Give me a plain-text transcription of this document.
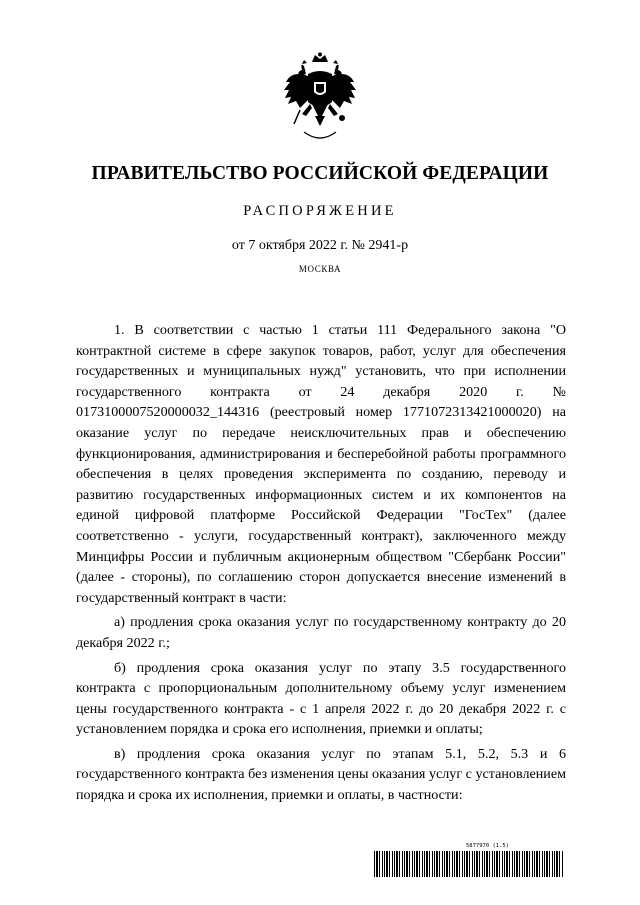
ПРАВИТЕЛЬСТВО РОССИЙСКОЙ ФЕДЕРАЦИИ
РАСПОРЯЖЕНИЕ
от 7 октября 2022 г. № 2941-р
МОСКВА

1. В соответствии с частью 1 статьи 111 Федерального закона "О контрактной системе в сфере закупок товаров, работ, услуг для обеспечения государственных и муниципальных нужд" установить, что при исполнении государственного контракта от 24 декабря 2020 г. № 0173100007520000032_144316 (реестровый номер 1771072313421000020) на оказание услуг по передаче неисключительных прав и обеспечению функционирования, администрирования и бесперебойной работы программного обеспечения в целях проведения эксперимента по созданию, переводу и развитию государственных информационных систем и их компонентов на единой цифровой платформе Российской Федерации "ГосТех" (далее соответственно - услуги, государственный контракт), заключенного между Минцифры России и публичным акционерным обществом "Сбербанк России" (далее - стороны), по соглашению сторон допускается внесение изменений в государственный контракт в части:

а) продления срока оказания услуг по государственному контракту до 20 декабря 2022 г.;

б) продления срока оказания услуг по этапу 3.5 государственного контракта с пропорциональным дополнительному объему услуг изменением цены государственного контракта - с 1 апреля 2022 г. до 20 декабря 2022 г. с установлением порядка и срока его исполнения, приемки и оплаты;

в) продления срока оказания услуг по этапам 5.1, 5.2, 5.3 и 6 государственного контракта без изменения цены оказания услуг с установлением порядка и срока их исполнения, приемки и оплаты, в частности:

5877970 (1.5)
